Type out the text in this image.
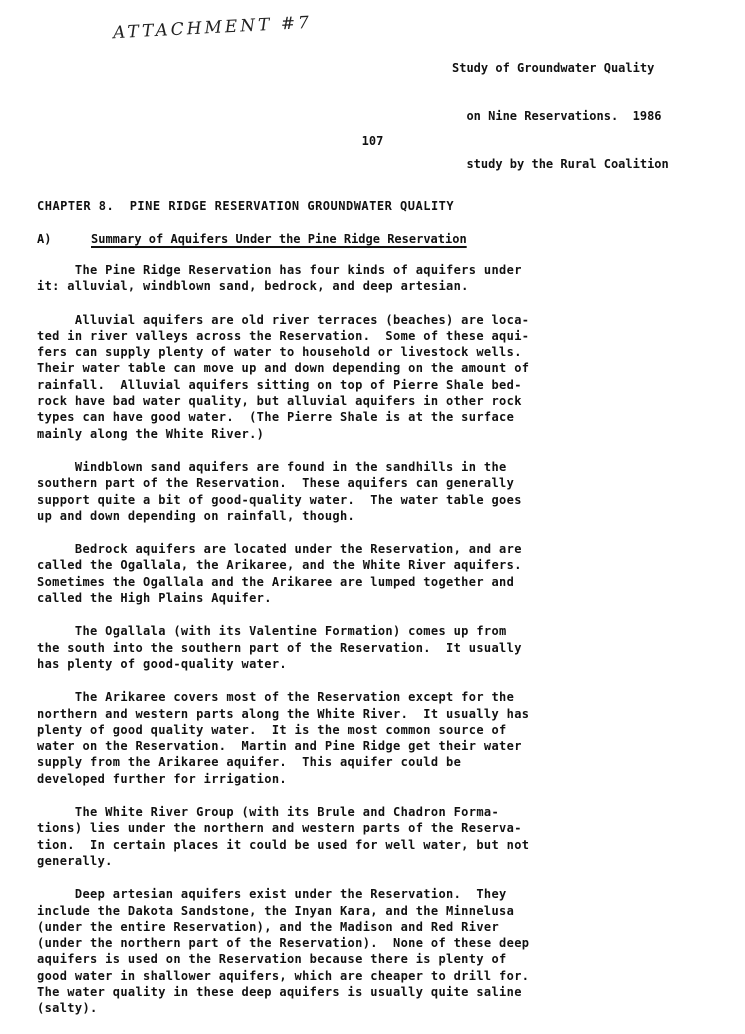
ATTACHMENT #7

Study of Groundwater Quality

on Nine Reservations.  1986

study by the Rural Coalition

107
CHAPTER 8.  PINE RIDGE RESERVATION GROUNDWATER QUALITY
A)	Summary of Aquifers Under the Pine Ridge Reservation
The Pine Ridge Reservation has four kinds of aquifers under
it: alluvial, windblown sand, bedrock, and deep artesian.
Alluvial aquifers are old river terraces (beaches) are loca-
ted in river valleys across the Reservation.  Some of these aqui-
fers can supply plenty of water to household or livestock wells.
Their water table can move up and down depending on the amount of
rainfall.  Alluvial aquifers sitting on top of Pierre Shale bed-
rock have bad water quality, but alluvial aquifers in other rock
types can have good water.  (The Pierre Shale is at the surface
mainly along the White River.)
Windblown sand aquifers are found in the sandhills in the
southern part of the Reservation.  These aquifers can generally
support quite a bit of good-quality water.  The water table goes
up and down depending on rainfall, though.
Bedrock aquifers are located under the Reservation, and are
called the Ogallala, the Arikaree, and the White River aquifers.
Sometimes the Ogallala and the Arikaree are lumped together and
called the High Plains Aquifer.
The Ogallala (with its Valentine Formation) comes up from
the south into the southern part of the Reservation.  It usually
has plenty of good-quality water.
The Arikaree covers most of the Reservation except for the
northern and western parts along the White River.  It usually has
plenty of good quality water.  It is the most common source of
water on the Reservation.  Martin and Pine Ridge get their water
supply from the Arikaree aquifer.  This aquifer could be
developed further for irrigation.
The White River Group (with its Brule and Chadron Forma-
tions) lies under the northern and western parts of the Reserva-
tion.  In certain places it could be used for well water, but not
generally.
Deep artesian aquifers exist under the Reservation.  They
include the Dakota Sandstone, the Inyan Kara, and the Minnelusa
(under the entire Reservation), and the Madison and Red River
(under the northern part of the Reservation).  None of these deep
aquifers is used on the Reservation because there is plenty of
good water in shallower aquifers, which are cheaper to drill for.
The water quality in these deep aquifers is usually quite saline
(salty).
